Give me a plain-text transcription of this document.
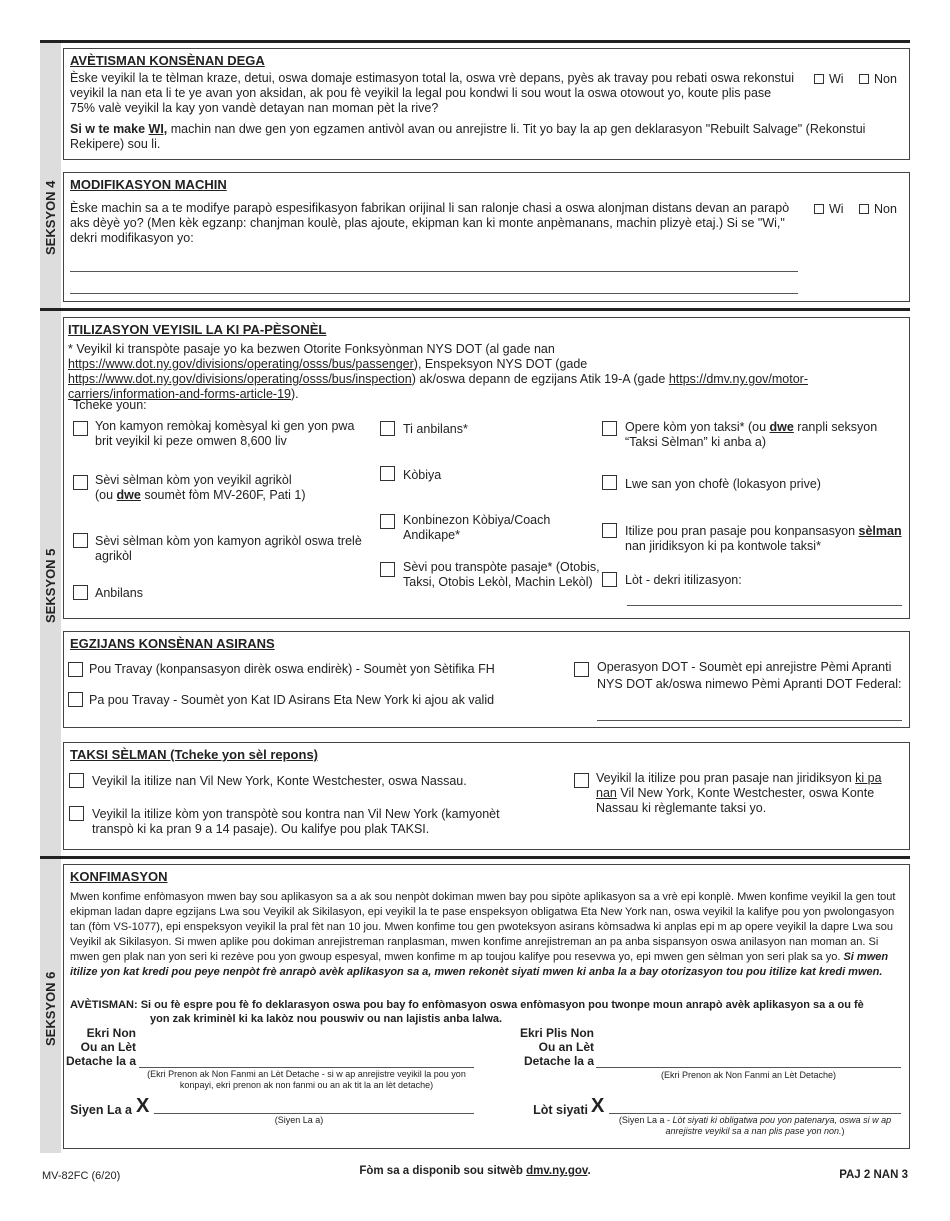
SEKSYON 4
AVÈTISMAN KONSÈNAN DEGA
Èske veyikil la te tèlman kraze, detui, oswa domaje estimasyon total la, oswa vrè depans, pyès ak travay pou rebati oswa rekonstui veyikil la nan eta li te ye avan yon aksidan, ak pou fè veyikil la legal pou kondwi li sou wout la oswa otowout yo, koute plis pase 75% valè veyikil la kay yon vandè detayan nan moman pèt la rive?
Wi Non
Si w te make WI, machin nan dwe gen yon egzamen antivòl avan ou anrejistre li. Tit yo bay la ap gen deklarasyon "Rebuilt Salvage" (Rekonstui Rekipere) sou li.
MODIFIKASYON MACHIN
Èske machin sa a te modifye parapò espesifikasyon fabrikan orijinal li san ralonje chasi a oswa alonjman distans devan an parapò aks dèyè yo? (Men kèk egzanp: chanjman koulè, plas ajoute, ekipman kan ki monte anpèmanans, machin plizyè etaj.) Si se "Wi," dekri modifikasyon yo:
Wi Non
SEKSYON 5
ITILIZASYON VEYISIL LA KI PA-PÈSONÈL
* Veyikil ki transpòte pasaje yo ka bezwen Otorite Fonksyònman NYS DOT (al gade nan https://www.dot.ny.gov/divisions/operating/osss/bus/passenger), Enspeksyon NYS DOT (gade https://www.dot.ny.gov/divisions/operating/osss/bus/inspection) ak/oswa depann de egzijans Atik 19-A (gade https://dmv.ny.gov/motor-carriers/information-and-forms-article-19).
Tcheke youn:
Yon kamyon remòkaj komèsyal ki gen yon pwa brit veyikil ki peze omwen 8,600 liv
Sèvi sèlman kòm yon veyikil agrikòl
(ou dwe soumèt fòm MV-260F, Pati 1)
Sèvi sèlman kòm yon kamyon agrikòl oswa trelè agrikòl
Anbilans
Ti anbilans*
Kòbiya
Konbinezon Kòbiya/Coach Andikape*
Sèvi pou transpòte pasaje* (Otobis, Taksi, Otobis Lekòl, Machin Lekòl)
Opere kòm yon taksi* (ou dwe ranpli seksyon “Taksi Sèlman” ki anba a)
Lwe san yon chofè (lokasyon prive)
Itilize pou pran pasaje pou konpansasyon sèlman nan jiridiksyon ki pa kontwole taksi*
Lòt - dekri itilizasyon:
EGZIJANS KONSÈNAN ASIRANS
Pou Travay (konpansasyon dirèk oswa endirèk) - Soumèt yon Sètifika FH
Pa pou Travay - Soumèt yon Kat ID Asirans Eta New York ki ajou ak valid
Operasyon DOT - Soumèt epi anrejistre Pèmi Apranti NYS DOT ak/oswa nimewo Pèmi Apranti DOT Federal:
TAKSI SÈLMAN (Tcheke yon sèl repons)
Veyikil la itilize nan Vil New York, Konte Westchester, oswa Nassau.
Veyikil la itilize kòm yon transpòtè sou kontra nan Vil New York (kamyonèt transpò ki ka pran 9 a 14 pasaje). Ou kalifye pou plak TAKSI.
Veyikil la itilize pou pran pasaje nan jiridiksyon ki pa nan Vil New York, Konte Westchester, oswa Konte Nassau ki règlemante taksi yo.
SEKSYON 6
KONFIMASYON
Mwen konfime enfòmasyon mwen bay sou aplikasyon sa a ak sou nenpòt dokiman mwen bay pou sipòte aplikasyon sa a vrè epi konplè. Mwen konfime veyikil la gen tout ekipman ladan dapre egzijans Lwa sou Veyikil ak Sikilasyon, epi veyikil la te pase enspeksyon obligatwa Eta New York nan, oswa veyikil la kalifye pou yon pwolongasyon tan (fòm VS-1077), epi enspeksyon veyikil la pral fèt nan 10 jou. Mwen konfime tou gen pwoteksyon asirans kòmsadwa ki anplas epi m ap opere veyikil la dapre Lwa sou Veyikil ak Sikilasyon. Si mwen aplike pou dokiman anrejistreman ranplasman, mwen konfime anrejistreman an pa anba sispansyon oswa anilasyon nan moman an. Si mwen gen plak nan yon seri ki rezève pou yon gwoup espesyal, mwen konfime m ap toujou kalifye pou resevwa yo, epi mwen gen sèlman yon seri plak sa yo. Si mwen itilize yon kat kredi pou peye nenpòt frè anrapò avèk aplikasyon sa a, mwen rekonèt siyati mwen ki anba la a bay otorizasyon tou pou itilize kat kredi mwen.
AVÈTISMAN: Si ou fè espre pou fè fo deklarasyon oswa pou bay fo enfòmasyon oswa enfòmasyon pou twonpe moun anrapò avèk aplikasyon sa a ou fè
yon zak kriminèl ki ka lakòz nou pouswiv ou nan lajistis anba lalwa.
Ekri Non
Ou an Lèt
Detache la a
(Ekri Prenon ak Non Fanmi an Lèt Detache - si w ap anrejistre veyikil la pou yon konpayi, ekri prenon ak non fanmi ou an ak tit la an lèt detache)
Ekri Plis Non
Ou an Lèt
Detache la a
(Ekri Prenon ak Non Fanmi an Lèt Detache)
Siyen La a X
(Siyen La a)
Lòt siyati X
(Siyen La a - Lòt siyati ki obligatwa pou yon patenarya, oswa si w ap anrejistre veyikil sa a nan plis pase yon non.)
MV-82FC (6/20)	Fòm sa a disponib sou sitwèb dmv.ny.gov.	PAJ 2 NAN 3
